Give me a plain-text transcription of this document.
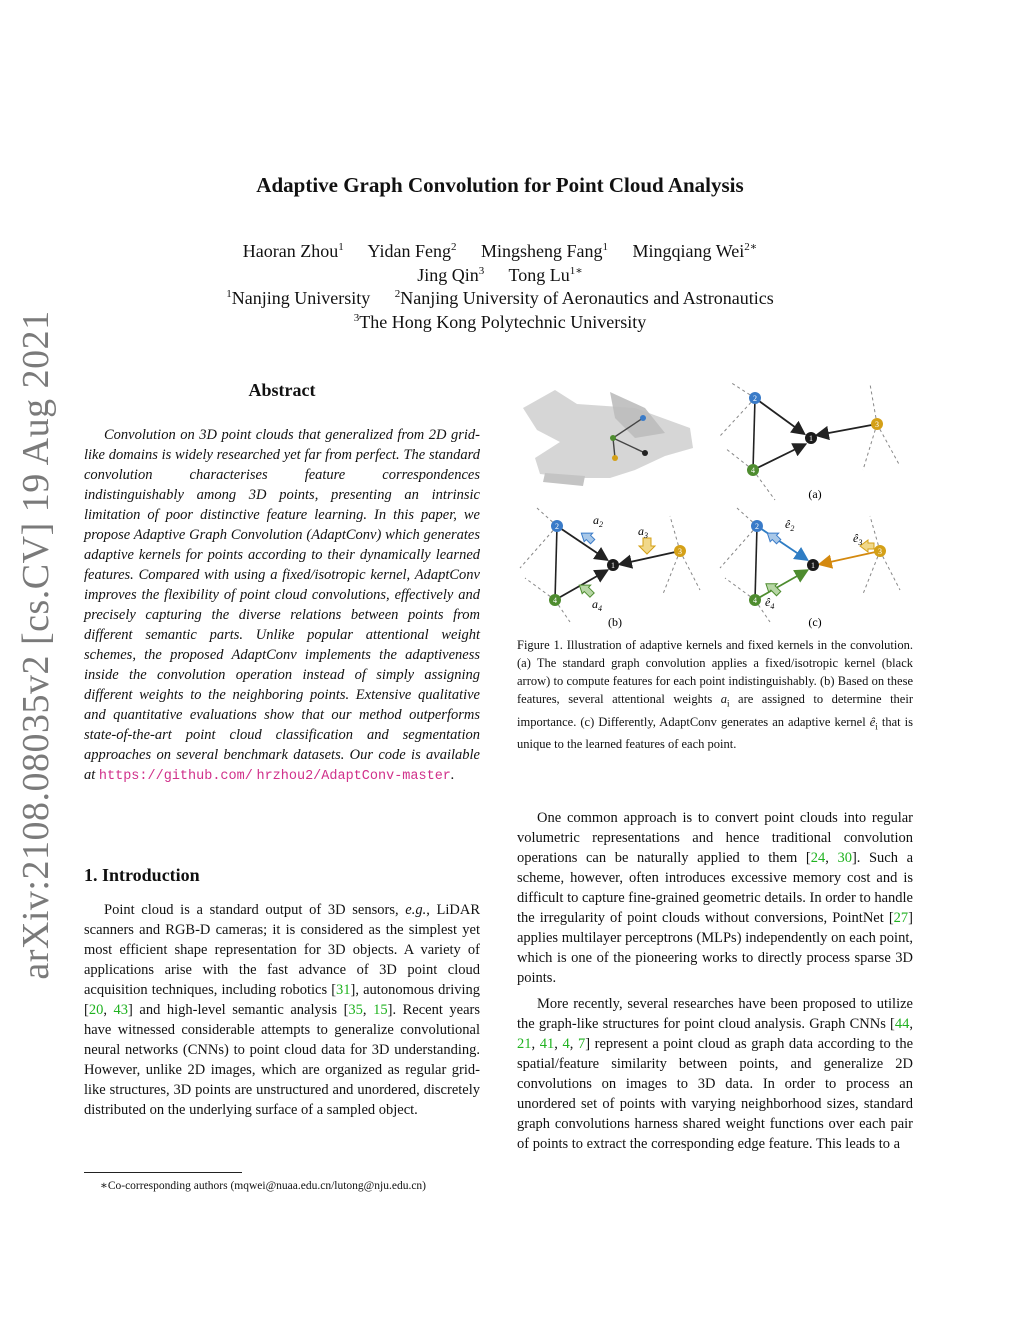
arXiv:2108.08035v2 [cs.CV] 19 Aug 2021
Adaptive Graph Convolution for Point Cloud Analysis
Haoran Zhou$^1$ Yidan Feng$^2$ Mingsheng Fang$^1$ Mingqiang Wei$^{2∗}$
Jing Qin$^3$ Tong $Lu^{1∗}$
$^1$Nanjing University $^2$Nanjing University of Aeronautics and Astronautics
$^3$The Hong Kong Polytechnic University
Abstract
Convolution on 3D point clouds that generalized from 2D grid-like domains is widely researched yet far from perfect. The standard convolution characterises feature correspondences indistinguishably among 3D points, presenting an intrinsic limitation of poor distinctive feature learning. In this paper, we propose Adaptive Graph Convolution (AdaptConv) which generates adaptive kernels for points according to their dynamically learned features. Compared with using a fixed/isotropic kernel, AdaptConv improves the flexibility of point cloud convolutions, effectively and precisely capturing the diverse relations between points from different semantic parts. Unlike popular attentional weight schemes, the proposed AdaptConv implements the adaptiveness inside the convolution operation instead of simply assigning different weights to the neighboring points. Extensive qualitative and quantitative evaluations show that our method outperforms state-of-the-art point cloud classification and segmentation approaches on several benchmark datasets. Our code is available at https://github.com/ hrzhou2/AdaptConv-master.
1. Introduction

Point cloud is a standard output of 3D sensors, e.g., LiDAR scanners and RGB-D cameras; it is considered as the simplest yet most efficient shape representation for 3D objects. A variety of applications arise with the fast advance of 3D point cloud acquisition techniques, including robotics [31], autonomous driving [20, 43] and high-level semantic analysis [35, 15]. Recent years have witnessed considerable attempts to generalize convolutional neural networks (CNNs) to point cloud data for 3D understanding. However, unlike 2D images, which are organized as regular grid-like structures, 3D points are unstructured and unordered, discretely distributed on the underlying surface of a sampled object.

∗Co-corresponding authors (mqwei@nuaa.edu.cn/lutong@nju.edu.cn)
2
1
3
4
(a)
$a_2$	$a_3$
$a_4$
2
1
3
4
(b)
$ê_2$
$ê_3$
$ê_4$
2
1
3
4
(c)
Figure 1. Illustration of adaptive kernels and fixed kernels in the convolution. (a) The standard graph convolution applies a fixed/isotropic kernel (black arrow) to compute features for each point indistinguishably. (b) Based on these features, several attentional weights $a_i$ are assigned to determine their importance. (c) Differently, AdaptConv generates an adaptive kernel $ê_i$ that is unique to the learned features of each point.

One common approach is to convert point clouds into regular volumetric representations and hence traditional convolution operations can be naturally applied to them [24, 30]. Such a scheme, however, often introduces excessive memory cost and is difficult to capture fine-grained geometric details. In order to handle the irregularity of point clouds without conversions, PointNet [27] applies multilayer perceptrons (MLPs) independently on each point, which is one of the pioneering works to directly process sparse 3D points.

More recently, several researches have been proposed to utilize the graph-like structures for point cloud analysis. Graph CNNs [44, 21, 41, 4, 7] represent a point cloud as graph data according to the spatial/feature similarity between points, and generalize 2D convolutions on images to 3D data. In order to process an unordered set of points with varying neighborhood sizes, standard graph convolutions harness shared weight functions over each pair of points to extract the corresponding edge feature. This leads to a
